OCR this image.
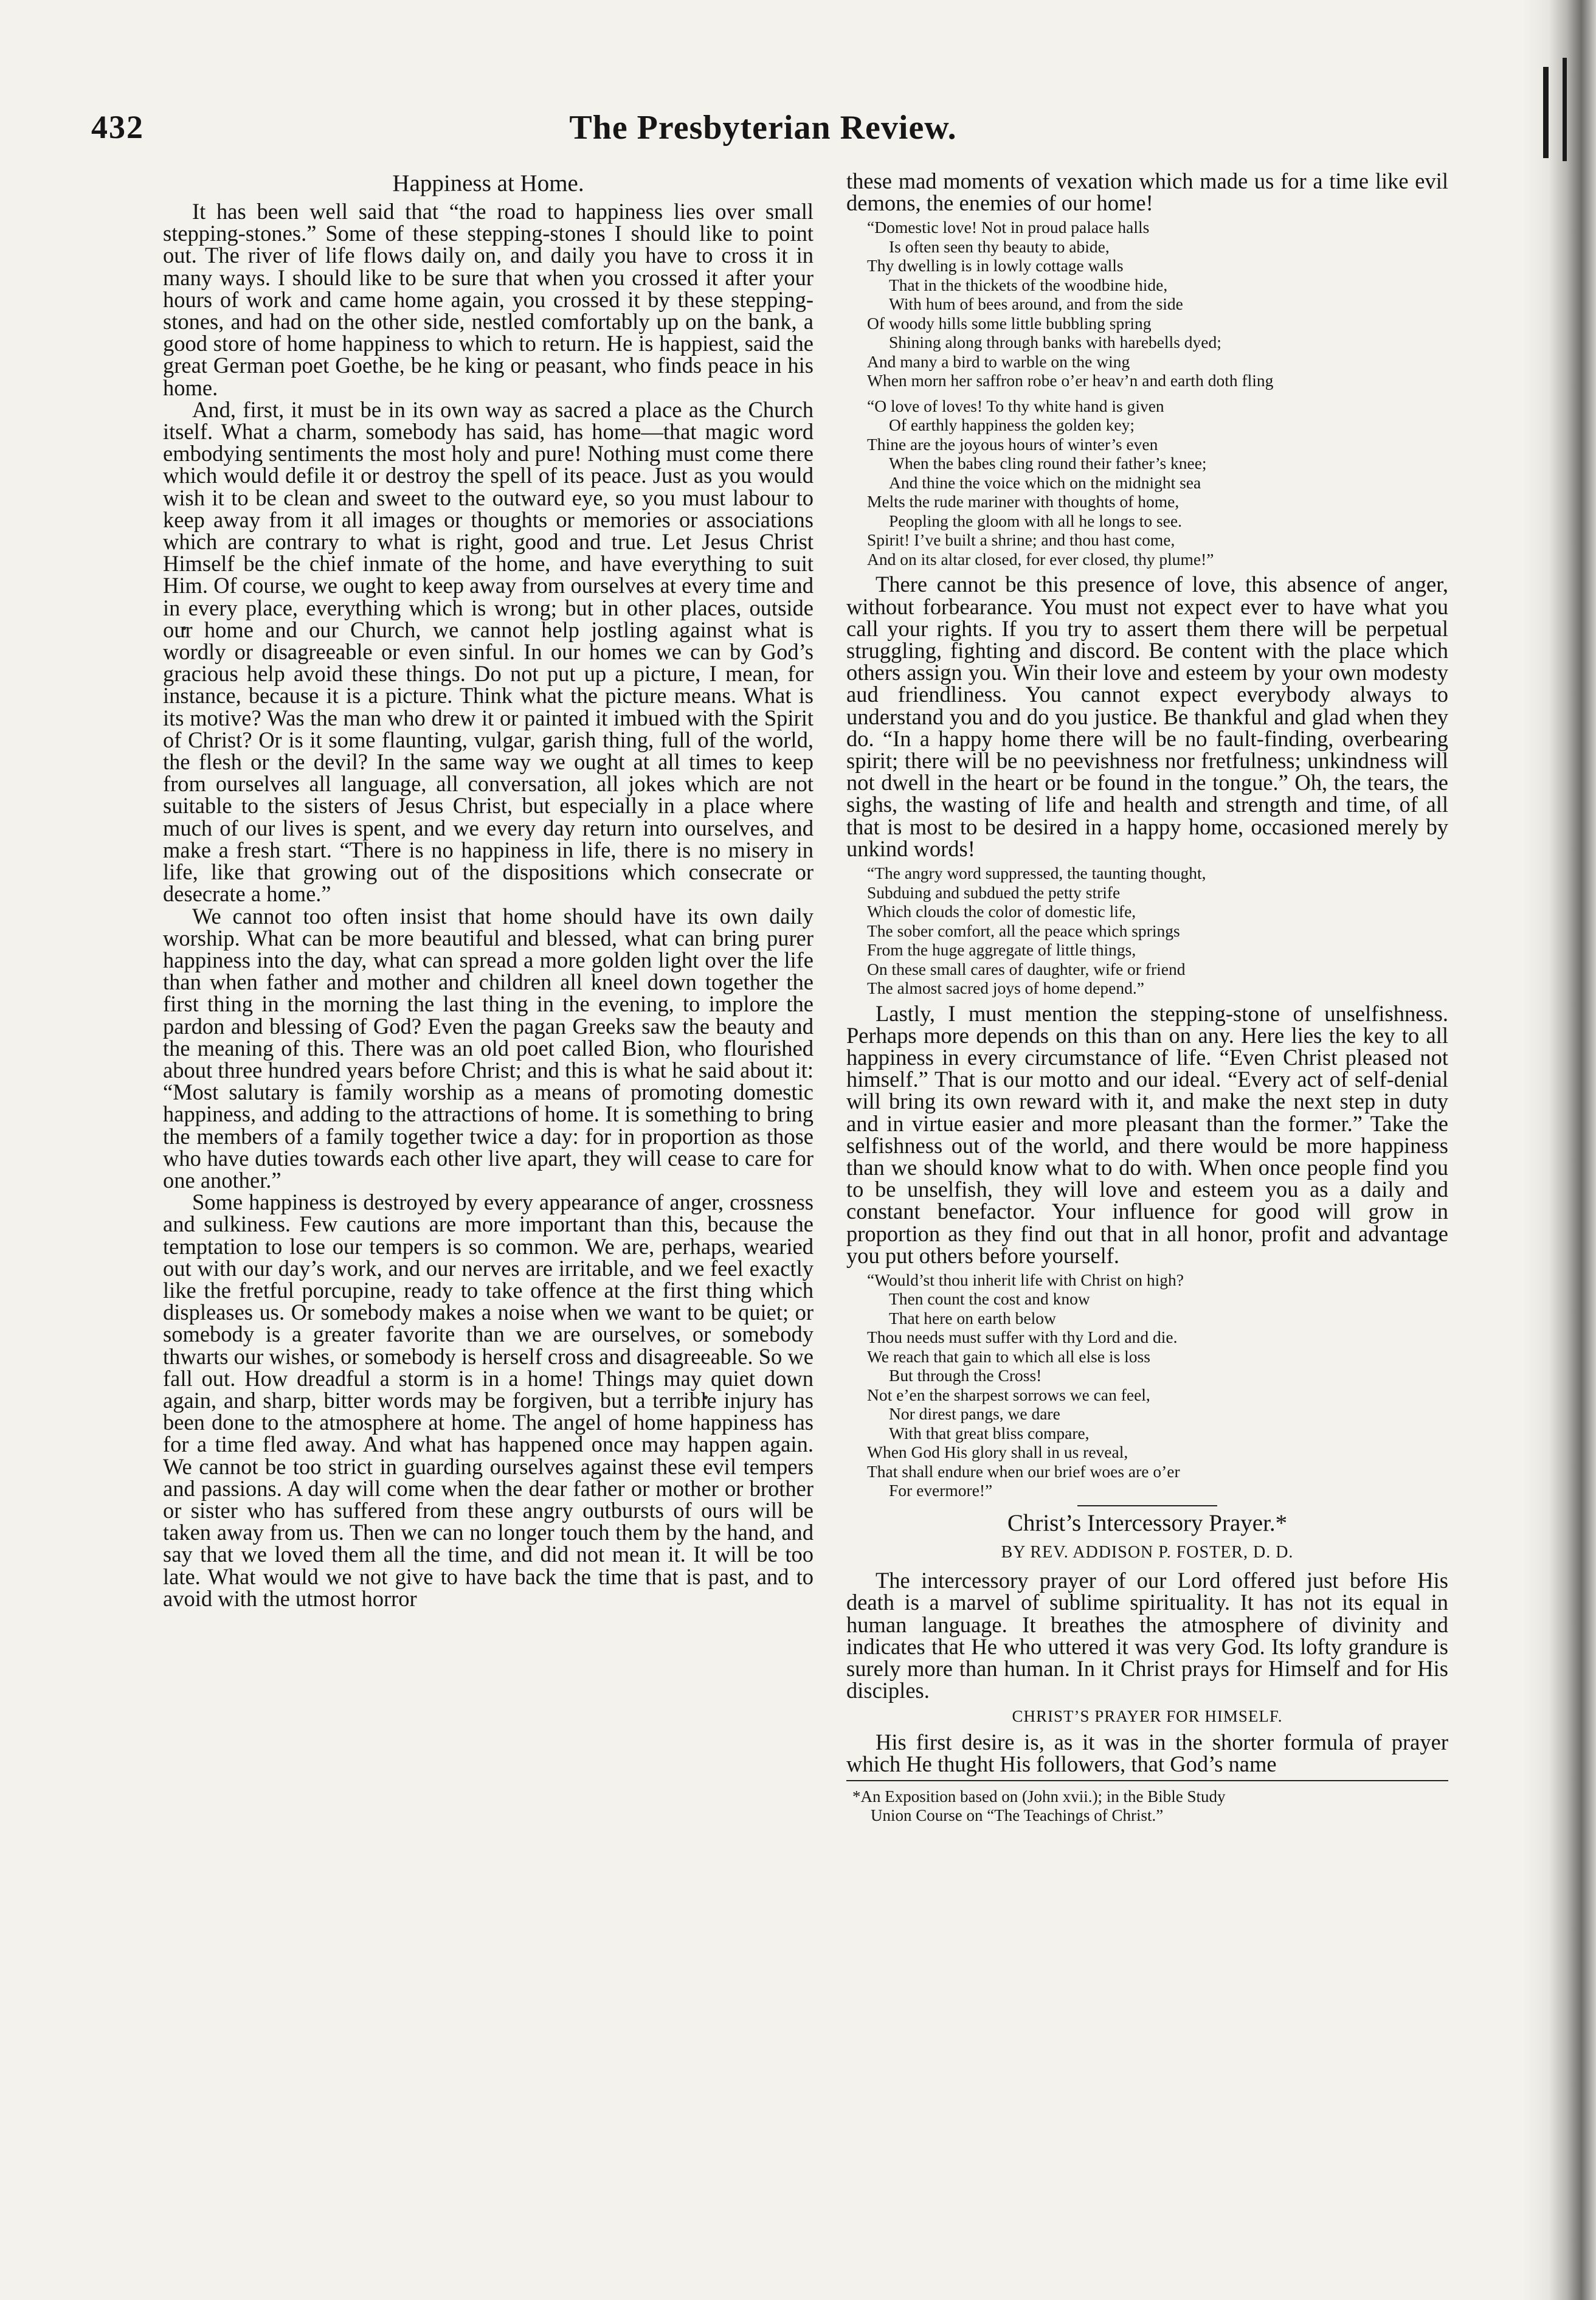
432	The Presbyterian Review.
Happiness at Home.

It has been well said that “the road to happiness lies over small stepping-stones.” Some of these stepping-stones I should like to point out. The river of life flows daily on, and daily you have to cross it in many ways. I should like to be sure that when you crossed it after your hours of work and came home again, you crossed it by these stepping-stones, and had on the other side, nestled comfortably up on the bank, a good store of home happiness to which to return. He is happiest, said the great German poet Goethe, be he king or peasant, who finds peace in his home.

And, first, it must be in its own way as sacred a place as the Church itself. What a charm, somebody has said, has home—that magic word embodying sentiments the most holy and pure! Nothing must come there which would defile it or destroy the spell of its peace. Just as you would wish it to be clean and sweet to the outward eye, so you must labour to keep away from it all images or thoughts or memories or associations which are contrary to what is right, good and true. Let Jesus Christ Himself be the chief inmate of the home, and have everything to suit Him. Of course, we ought to keep away from ourselves at every time and in every place, everything which is wrong; but in other places, outside our home and our Church, we cannot help jostling against what is wordly or disagreeable or even sinful. In our homes we can by God’s gracious help avoid these things. Do not put up a picture, I mean, for instance, because it is a picture. Think what the picture means. What is its motive? Was the man who drew it or painted it imbued with the Spirit of Christ? Or is it some flaunting, vulgar, garish thing, full of the world, the flesh or the devil? In the same way we ought at all times to keep from ourselves all language, all conversation, all jokes which are not suitable to the sisters of Jesus Christ, but especially in a place where much of our lives is spent, and we every day return into ourselves, and make a fresh start. “There is no happiness in life, there is no misery in life, like that growing out of the dispositions which consecrate or desecrate a home.”

We cannot too often insist that home should have its own daily worship. What can be more beautiful and blessed, what can bring purer happiness into the day, what can spread a more golden light over the life than when father and mother and children all kneel down together the first thing in the morning the last thing in the evening, to implore the pardon and blessing of God? Even the pagan Greeks saw the beauty and the meaning of this. There was an old poet called Bion, who flourished about three hundred years before Christ; and this is what he said about it: “Most salutary is family worship as a means of promoting domestic happiness, and adding to the attractions of home. It is something to bring the members of a family together twice a day: for in proportion as those who have duties towards each other live apart, they will cease to care for one another.”

Some happiness is destroyed by every appearance of anger, crossness and sulkiness. Few cautions are more important than this, because the temptation to lose our tempers is so common. We are, perhaps, wearied out with our day’s work, and our nerves are irritable, and we feel exactly like the fretful porcupine, ready to take offence at the first thing which displeases us. Or somebody makes a noise when we want to be quiet; or somebody is a greater favorite than we are ourselves, or somebody thwarts our wishes, or somebody is herself cross and disagreeable. So we fall out. How dreadful a storm is in a home! Things may quiet down again, and sharp, bitter words may be forgiven, but a terrible injury has been done to the atmosphere at home. The angel of home happiness has for a time fled away. And what has happened once may happen again. We cannot be too strict in guarding ourselves against these evil tempers and passions. A day will come when the dear father or mother or brother or sister who has suffered from these angry outbursts of ours will be taken away from us. Then we can no longer touch them by the hand, and say that we loved them all the time, and did not mean it. It will be too late. What would we not give to have back the time that is past, and to avoid with the utmost horror

these mad moments of vexation which made us for a time like evil demons, the enemies of our home!

“Domestic love! Not in proud palace halls
Is often seen thy beauty to abide,
Thy dwelling is in lowly cottage walls
That in the thickets of the woodbine hide,
With hum of bees around, and from the side
Of woody hills some little bubbling spring
Shining along through banks with harebells dyed;
And many a bird to warble on the wing
When morn her saffron robe o’er heav’n and earth doth fling
“O love of loves! To thy white hand is given
Of earthly happiness the golden key;
Thine are the joyous hours of winter’s even
When the babes cling round their father’s knee;
And thine the voice which on the midnight sea
Melts the rude mariner with thoughts of home,
Peopling the gloom with all he longs to see.
Spirit! I’ve built a shrine; and thou hast come,
And on its altar closed, for ever closed, thy plume!”

There cannot be this presence of love, this absence of anger, without forbearance. You must not expect ever to have what you call your rights. If you try to assert them there will be perpetual struggling, fighting and discord. Be content with the place which others assign you. Win their love and esteem by your own modesty aud friendliness. You cannot expect everybody always to understand you and do you justice. Be thankful and glad when they do. “In a happy home there will be no fault-finding, overbearing spirit; there will be no peevishness nor fretfulness; unkindness will not dwell in the heart or be found in the tongue.” Oh, the tears, the sighs, the wasting of life and health and strength and time, of all that is most to be desired in a happy home, occasioned merely by unkind words!

“The angry word suppressed, the taunting thought,
Subduing and subdued the petty strife
Which clouds the color of domestic life,
The sober comfort, all the peace which springs
From the huge aggregate of little things,
On these small cares of daughter, wife or friend
The almost sacred joys of home depend.”

Lastly, I must mention the stepping-stone of unselfishness. Perhaps more depends on this than on any. Here lies the key to all happiness in every circumstance of life. “Even Christ pleased not himself.” That is our motto and our ideal. “Every act of self-denial will bring its own reward with it, and make the next step in duty and in virtue easier and more pleasant than the former.” Take the selfishness out of the world, and there would be more happiness than we should know what to do with. When once people find you to be unselfish, they will love and esteem you as a daily and constant benefactor. Your influence for good will grow in proportion as they find out that in all honor, profit and advantage you put others before yourself.

“Would’st thou inherit life with Christ on high?
Then count the cost and know
That here on earth below
Thou needs must suffer with thy Lord and die.
We reach that gain to which all else is loss
But through the Cross!
Not e’en the sharpest sorrows we can feel,
Nor direst pangs, we dare
With that great bliss compare,
When God His glory shall in us reveal,
That shall endure when our brief woes are o’er
For evermore!”
Christ’s Intercessory Prayer.*
BY REV. ADDISON P. FOSTER, D. D.

The intercessory prayer of our Lord offered just before His death is a marvel of sublime spirituality. It has not its equal in human language. It breathes the atmosphere of divinity and indicates that He who uttered it was very God. Its lofty grandure is surely more than human. In it Christ prays for Himself and for His disciples.

CHRIST’S PRAYER FOR HIMSELF.

His first desire is, as it was in the shorter formula of prayer which He thught His followers, that God’s name

*An Exposition based on (John xvii.); in the Bible Study
Union Course on “The Teachings of Christ.”
